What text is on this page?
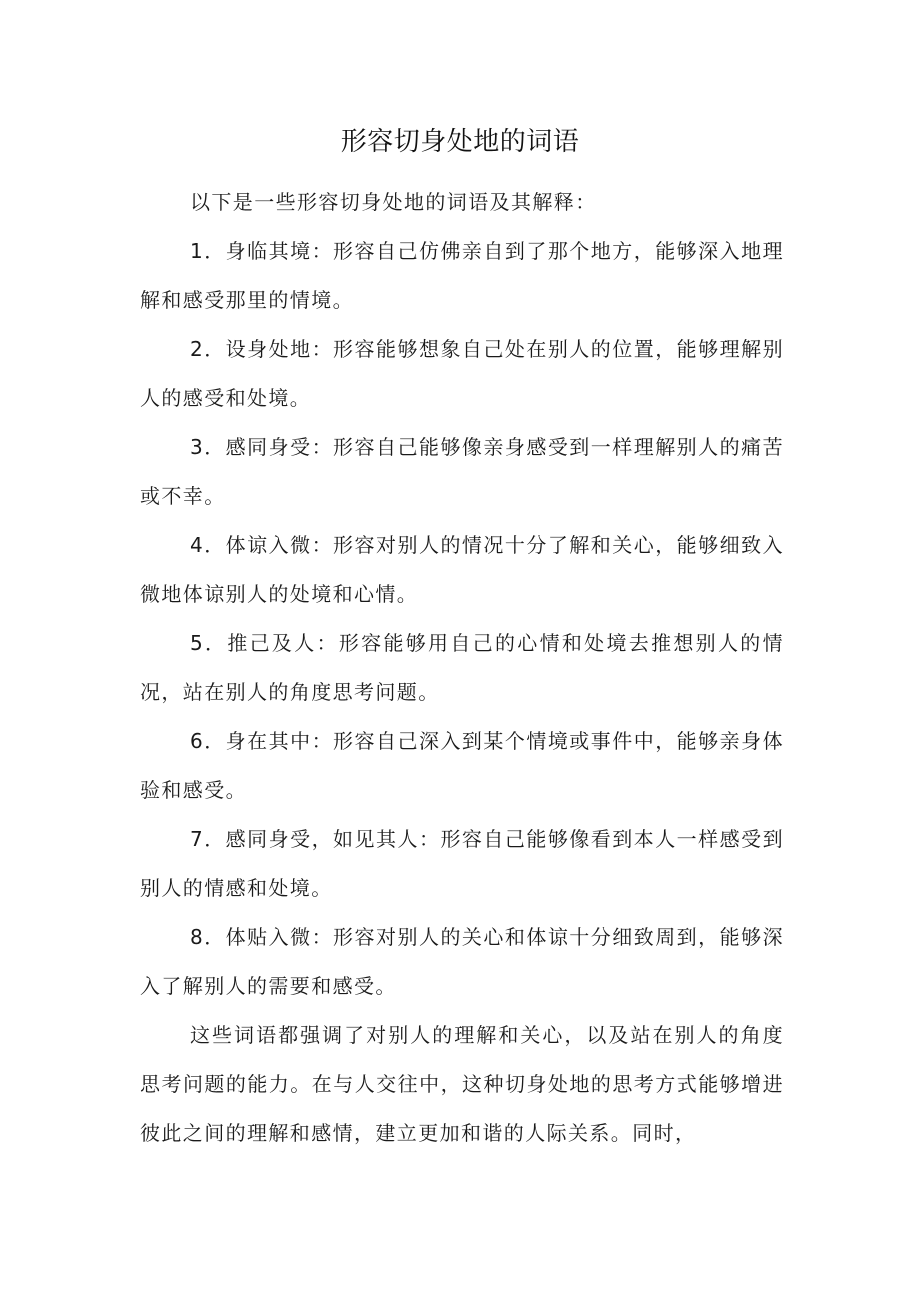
形容切身处地的词语

以下是一些形容切身处地的词语及其解释：

1．身临其境：形容自己仿佛亲自到了那个地方，能够深入地理解和感受那里的情境。

2．设身处地：形容能够想象自己处在别人的位置，能够理解别人的感受和处境。

3．感同身受：形容自己能够像亲身感受到一样理解别人的痛苦或不幸。

4．体谅入微：形容对别人的情况十分了解和关心，能够细致入微地体谅别人的处境和心情。

5．推己及人：形容能够用自己的心情和处境去推想别人的情况，站在别人的角度思考问题。

6．身在其中：形容自己深入到某个情境或事件中，能够亲身体验和感受。

7．感同身受，如见其人：形容自己能够像看到本人一样感受到别人的情感和处境。

8．体贴入微：形容对别人的关心和体谅十分细致周到，能够深入了解别人的需要和感受。

这些词语都强调了对别人的理解和关心，以及站在别人的角度思考问题的能力。在与人交往中，这种切身处地的思考方式能够增进彼此之间的理解和感情，建立更加和谐的人际关系。同时，
